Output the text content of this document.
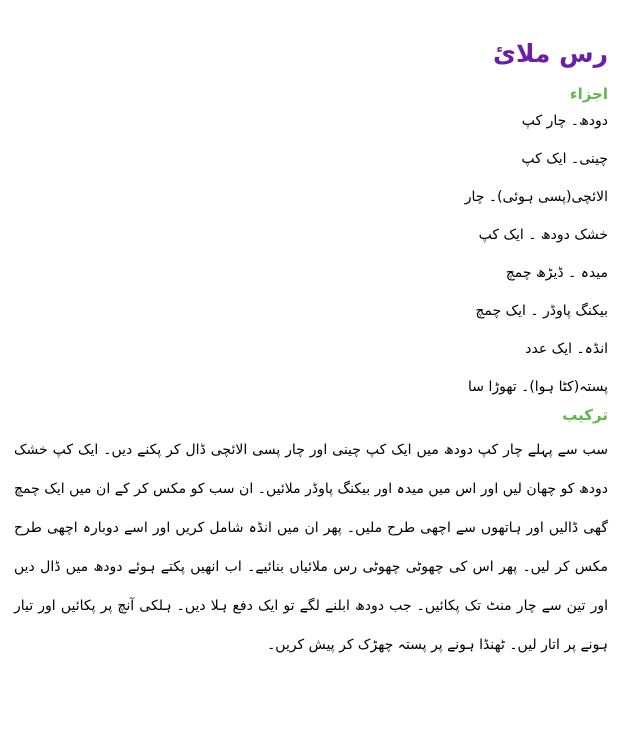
رس ملائ
اجزاء
دودھ۔ چار کپ
چینی۔ ایک کپ
الائچی(پسی ہوئی)۔ چار
خشک دودھ ۔ ایک کپ
میدہ ۔ ڈیڑھ چمچ
بیکنگ پاوڈر ۔ ایک چمچ
انڈہ۔ ایک عدد
پستہ(کٹا ہوا)۔ تھوڑا سا
ترکیب

سب سے پہلے چار کپ دودھ میں ایک کپ چینی اور چار پسی الائچی ڈال کر پکنے دیں۔ ایک کپ خشک دودھ کو چھان لیں اور اس میں میدہ اور بیکنگ پاوڈر ملائیں۔ ان سب کو مکس کر کے ان میں ایک چمچ گھی ڈالیں اور ہاتھوں سے اچھی طرح ملیں۔ پھر ان میں انڈہ شامل کریں اور اسے دوبارہ اچھی طرح مکس کر لیں۔ پھر اس کی چھوٹی چھوٹی رس ملائیاں بنائیے۔ اب انھیں پکتے ہوئے دودھ میں ڈال دیں اور تین سے چار منٹ تک پکائیں۔ جب دودھ ابلنے لگے تو ایک دفع ہلا دیں۔ ہلکی آنچ پر پکائیں اور تیار ہونے پر اتار لیں۔ ٹھنڈا ہونے پر پستہ چھڑک کر پیش کریں۔
